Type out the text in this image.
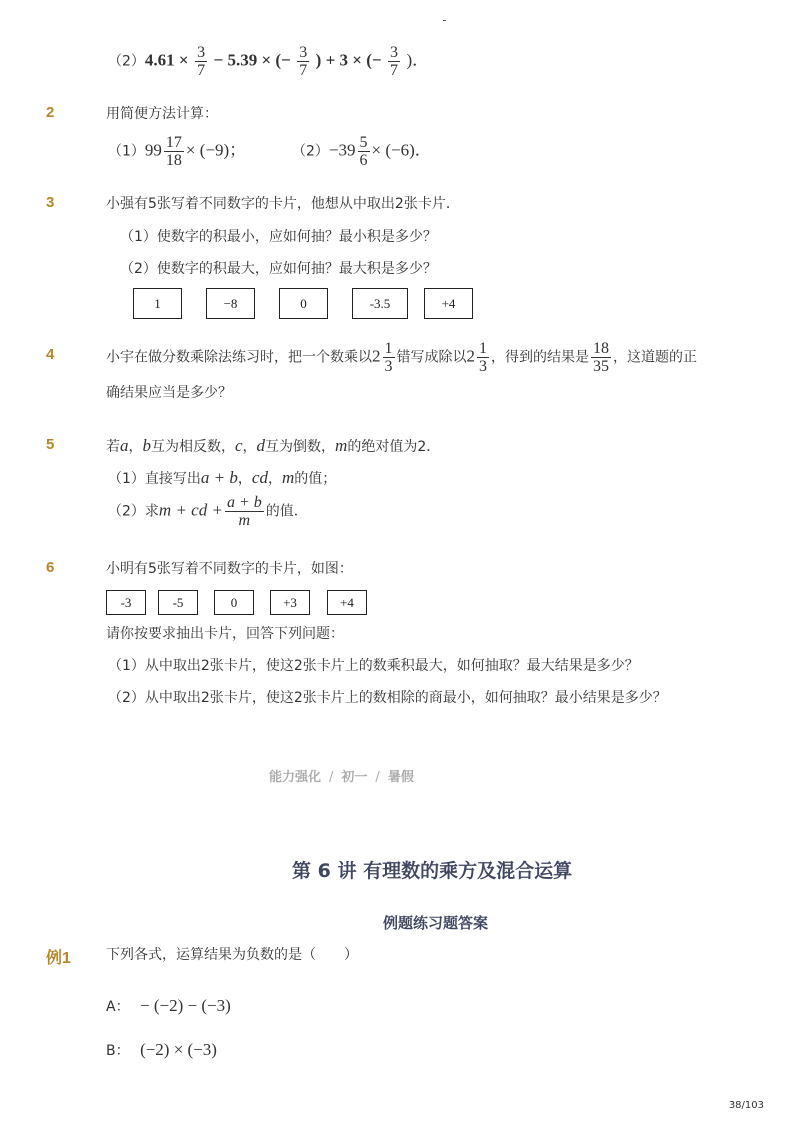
$(2)4.61 \times \frac{3}{7} - 5.39$ × (− $\frac{3}{7}$ ) + 3 × (− $\frac{3}{7}$ )．
2	用简便方法计算：
$(1)99 \frac{17}{18} \times (-9)$；	$(2)-39 \frac{5}{6} \times (-6)$．
3	小强有5张写着不同数字的卡片，他想从中取出2张卡片．
（1）使数字的积最小，应如何抽？最小积是多少？
（2）使数字的积最大，应如何抽？最大积是多少？
1	−8	0	-3.5	+4
4	小宇在做分数乘除法练习时，把一个数乘以$2 \frac{1}{3}$ 错写成除以$2 \frac{1}{3}$ ，得到的结果是 $\frac{18}{35}$ ，这道题的正
确结果应当是多少？
5	若a，b互为相反数，c，d互为倒数，m的绝对值为2．
（1）直接写出a + b，cd，m的值；
（2）求m + cd + $\frac{a + b}{m}$ 的值．
6	小明有5张写着不同数字的卡片，如图：
-3	-5	0	+3	+4
请你按要求抽出卡片，回答下列问题：
（1）从中取出2张卡片，使这2张卡片上的数乘积最大，如何抽取？最大结果是多少？
（2）从中取出2张卡片，使这2张卡片上的数相除的商最小，如何抽取？最小结果是多少？
能力强化 / 初一 / 暑假
第 6 讲 有理数的乘方及混合运算
例题练习题答案
例1	下列各式，运算结果为负数的是（　　）
A： − (−2) − (−3)
B： (−2) × (−3)
38/103
